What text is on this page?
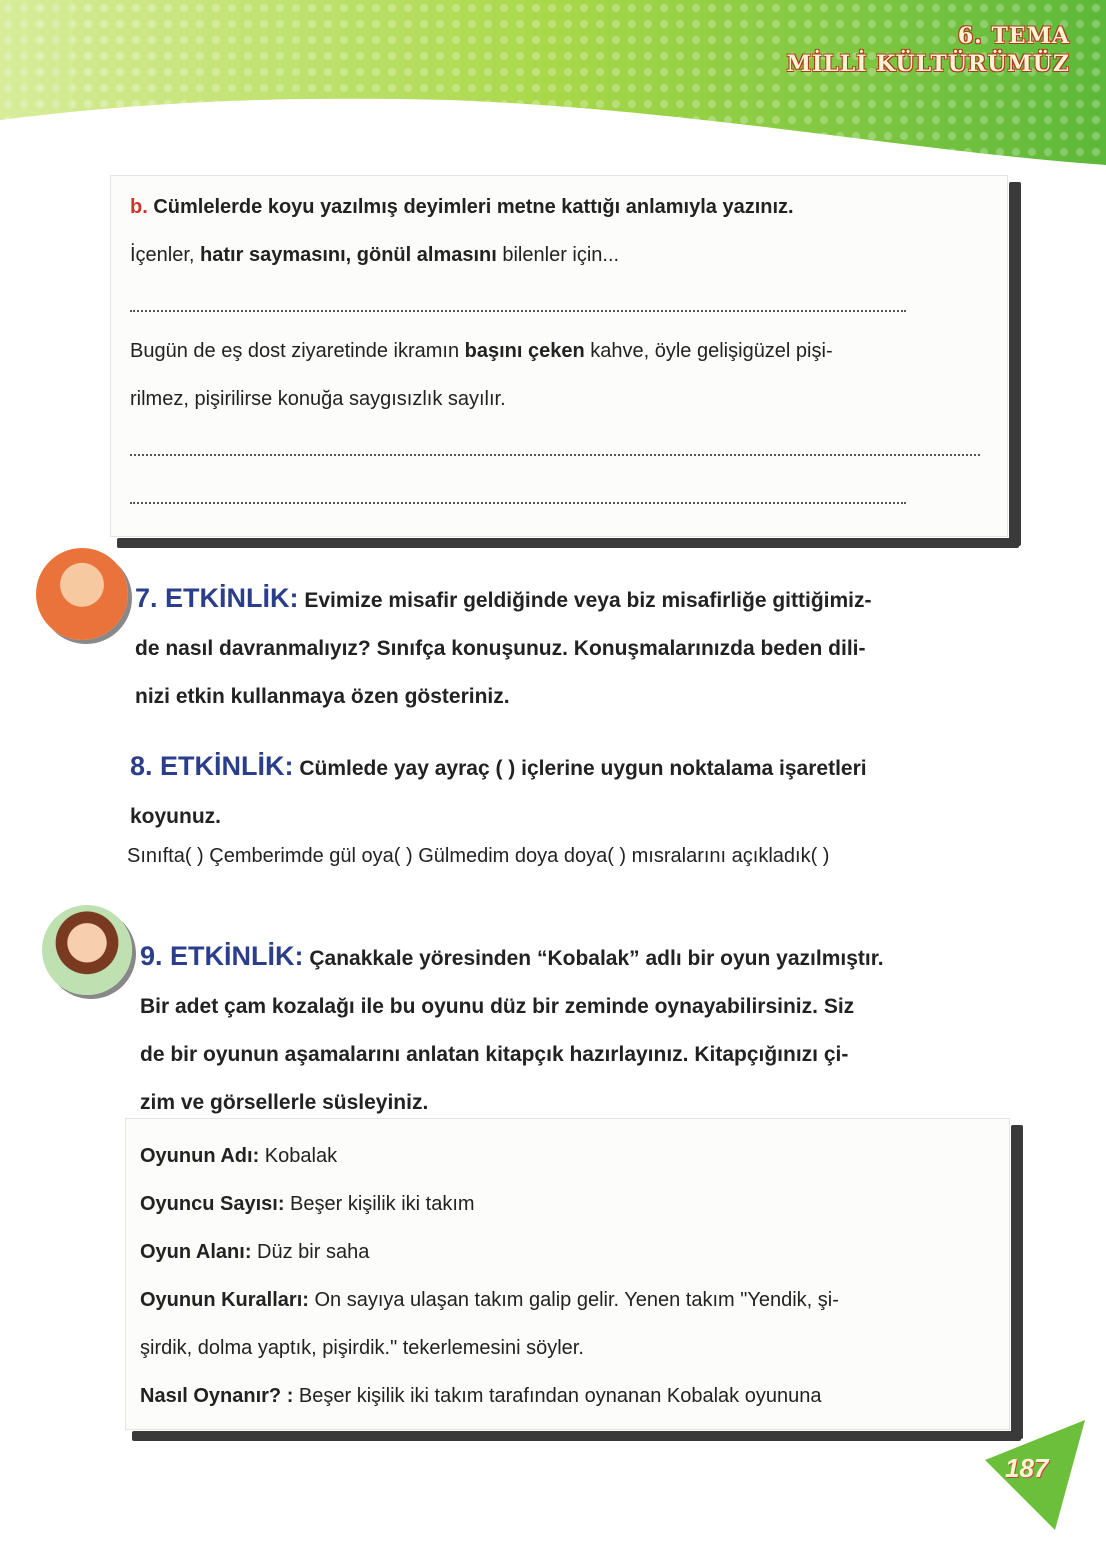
6. TEMA
MİLLİ KÜLTÜRÜMÜZ
b. Cümlelerde koyu yazılmış deyimleri metne kattığı anlamıyla yazınız.
İçenler, hatır saymasını, gönül almasını bilenler için...
Bugün de eş dost ziyaretinde ikramın başını çeken kahve, öyle gelişigüzel pişi-
rilmez, pişirilirse konuğa saygısızlık sayılır.
7. ETKİNLİK: Evimize misafir geldiğinde veya biz misafirliğe gittiğimiz-
de nasıl davranmalıyız? Sınıfça konuşunuz. Konuşmalarınızda beden dili-
nizi etkin kullanmaya özen gösteriniz.
8. ETKİNLİK: Cümlede yay ayraç ( ) içlerine uygun noktalama işaretleri
koyunuz.
Sınıfta( ) Çemberimde gül oya( ) Gülmedim doya doya( ) mısralarını açıkladık( )
9. ETKİNLİK: Çanakkale yöresinden “Kobalak” adlı bir oyun yazılmıştır.
Bir adet çam kozalağı ile bu oyunu düz bir zeminde oynayabilirsiniz. Siz
de bir oyunun aşamalarını anlatan kitapçık hazırlayınız. Kitapçığınızı çi-
zim ve görsellerle süsleyiniz.
Oyunun Adı: Kobalak
Oyuncu Sayısı: Beşer kişilik iki takım
Oyun Alanı: Düz bir saha
Oyunun Kuralları: On sayıya ulaşan takım galip gelir. Yenen takım "Yendik, şi-
şirdik, dolma yaptık, pişirdik." tekerlemesini söyler.
Nasıl Oynanır? : Beşer kişilik iki takım tarafından oynanan Kobalak oyununa
187
